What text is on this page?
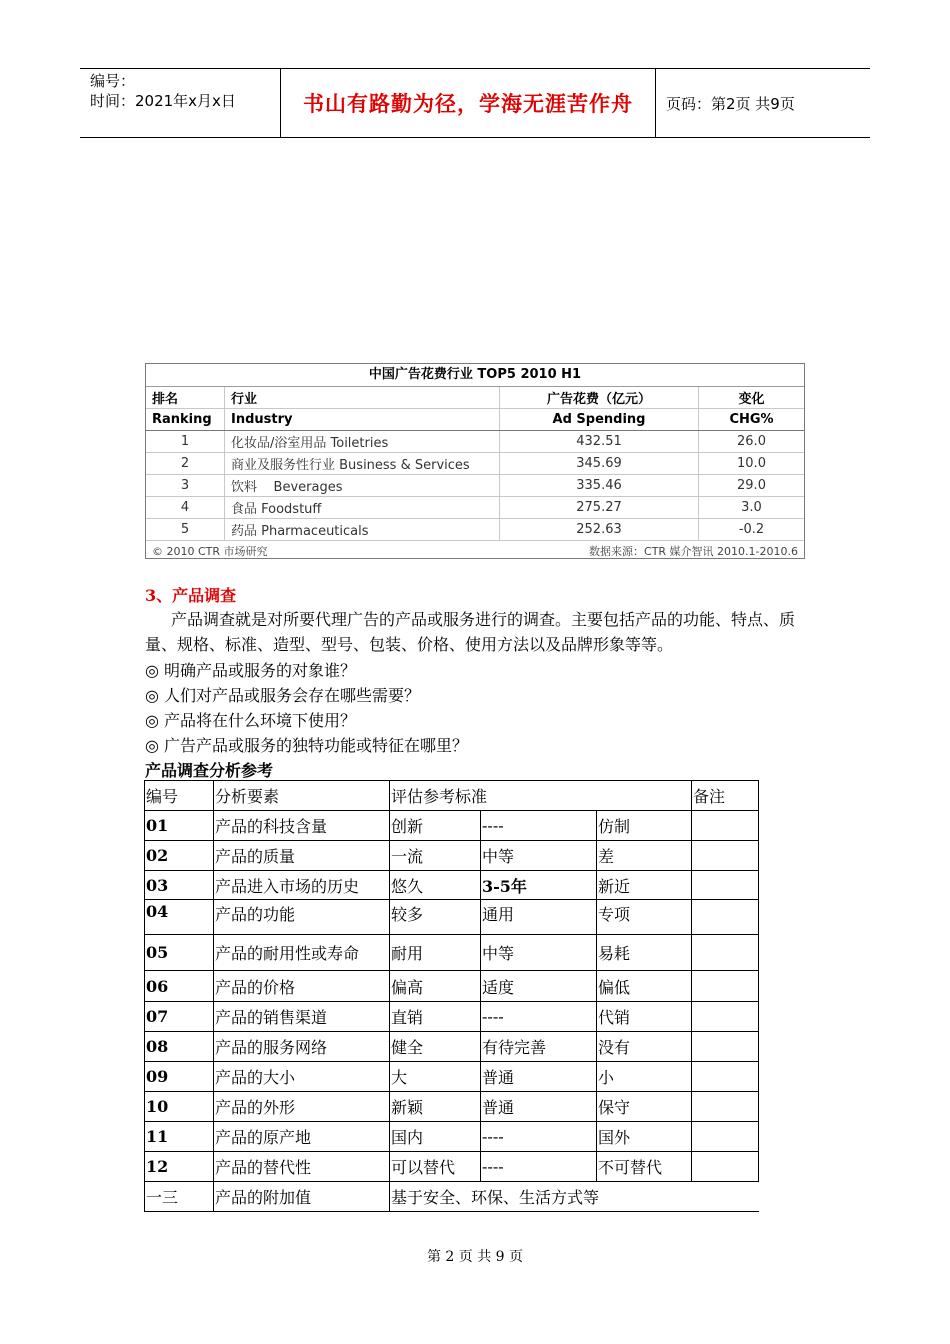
编号：
时间：2021年x月x日	书山有路勤为径，学海无涯苦作舟	页码：第2页 共9页
中国广告花费行业 TOP5 2010 H1
排名	行业	广告花费（亿元）	变化
Ranking	Industry	Ad Spending	CHG%
1	化妆品/浴室用品 Toiletries	432.51	26.0
2	商业及服务性行业 Business & Services	345.69	10.0
3	饮料    Beverages	335.46	29.0
4	食品 Foodstuff	275.27	3.0
5	药品 Pharmaceuticals	252.63	-0.2
© 2010 CTR 市场研究	数据来源：CTR 媒介智讯 2010.1-2010.6
3、产品调查
产品调查就是对所要代理广告的产品或服务进行的调查。主要包括产品的功能、特点、质量、规格、标准、造型、型号、包装、价格、使用方法以及品牌形象等等。
◎ 明确产品或服务的对象谁？
◎ 人们对产品或服务会存在哪些需要？
◎ 产品将在什么环境下使用？
◎ 广告产品或服务的独特功能或特征在哪里？
产品调查分析参考
编号	分析要素	评估参考标准			备注
01	产品的科技含量	创新	----	仿制	
02	产品的质量	一流	中等	差	
03	产品进入市场的历史	悠久	3-5年	新近	
04	产品的功能	较多	通用	专项	
05	产品的耐用性或寿命	耐用	中等	易耗	
06	产品的价格	偏高	适度	偏低	
07	产品的销售渠道	直销	----	代销	
08	产品的服务网络	健全	有待完善	没有	
09	产品的大小	大	普通	小	
10	产品的外形	新颖	普通	保守	
11	产品的原产地	国内	----	国外	
12	产品的替代性	可以替代	----	不可替代	
一三	产品的附加值	基于安全、环保、生活方式等			
第 2 页 共 9 页
